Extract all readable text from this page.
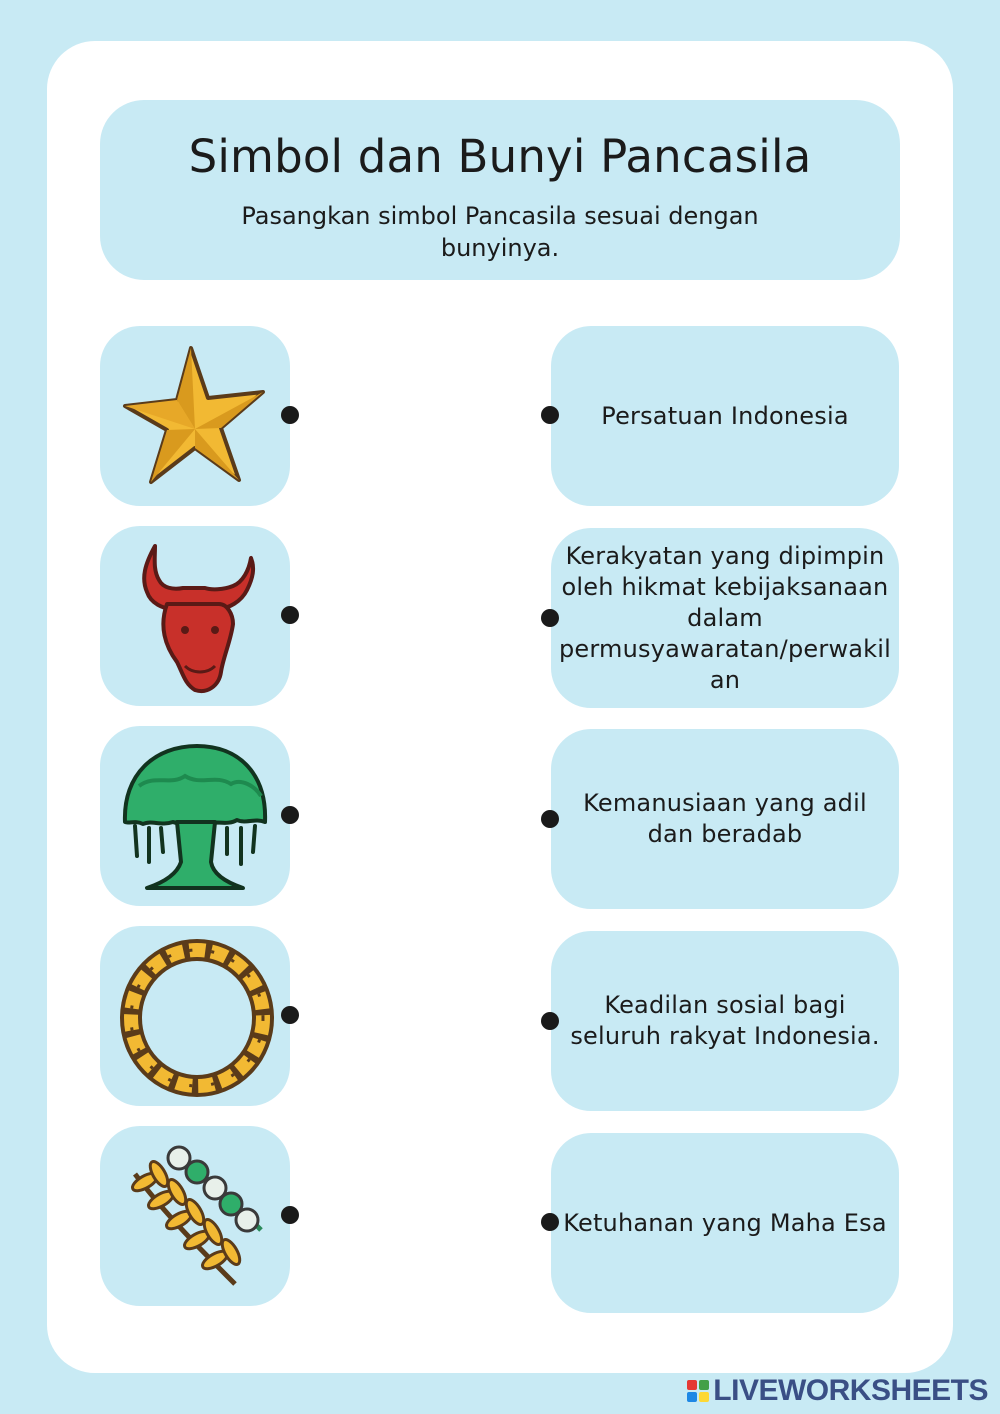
Simbol dan Bunyi Pancasila
Pasangkan simbol Pancasila sesuai dengan bunyinya.
Persatuan Indonesia
Kerakyatan yang dipimpin oleh hikmat kebijaksanaan dalam permusyawaratan/perwakilan
Kemanusiaan yang adil dan beradab
Keadilan sosial bagi seluruh rakyat Indonesia.
Ketuhanan yang Maha Esa
LIVEWORKSHEETS
